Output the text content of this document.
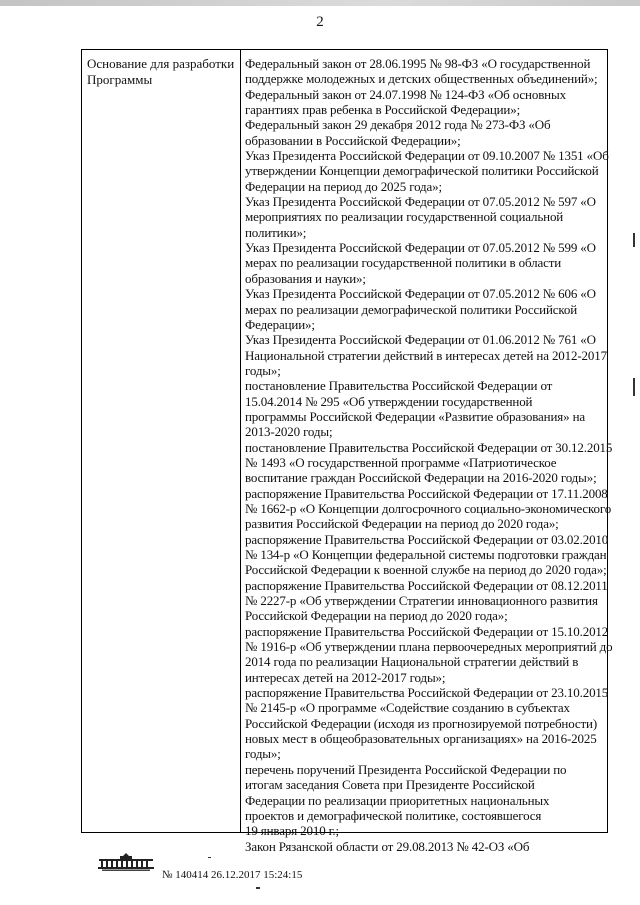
2
Основание для разработки
Программы
Федеральный закон от 28.06.1995 № 98-ФЗ «О государственной
поддержке молодежных и детских общественных объединений»;
Федеральный закон от 24.07.1998 № 124-ФЗ «Об основных
гарантиях прав ребенка в Российской Федерации»;
Федеральный закон 29 декабря 2012 года № 273-ФЗ «Об
образовании в Российской Федерации»;
Указ Президента Российской Федерации от 09.10.2007 № 1351 «Об
утверждении Концепции демографической политики Российской
Федерации на период до 2025 года»;
Указ Президента Российской Федерации от 07.05.2012 № 597 «О
мероприятиях по реализации государственной социальной
политики»;
Указ Президента Российской Федерации от 07.05.2012 № 599 «О
мерах по реализации государственной политики в области
образования и науки»;
Указ Президента Российской Федерации от 07.05.2012 № 606 «О
мерах по реализации демографической политики Российской
Федерации»;
Указ Президента Российской Федерации от 01.06.2012 № 761 «О
Национальной стратегии действий в интересах детей на 2012-2017
годы»;
постановление Правительства Российской Федерации от
15.04.2014 № 295 «Об утверждении государственной
программы Российской Федерации «Развитие образования» на
2013-2020 годы;
постановление Правительства Российской Федерации от 30.12.2015
№ 1493 «О государственной программе «Патриотическое
воспитание граждан Российской Федерации на 2016-2020 годы»;
распоряжение Правительства Российской Федерации от 17.11.2008
№ 1662-р «О Концепции долгосрочного социально-экономического
развития Российской Федерации на период до 2020 года»;
распоряжение Правительства Российской Федерации от 03.02.2010
№ 134-р «О Концепции федеральной системы подготовки граждан
Российской Федерации к военной службе на период до 2020 года»;
распоряжение Правительства Российской Федерации от 08.12.2011
№ 2227-р «Об утверждении Стратегии инновационного развития
Российской Федерации на период до 2020 года»;
распоряжение Правительства Российской Федерации от 15.10.2012
№ 1916-р «Об утверждении плана первоочередных мероприятий до
2014 года по реализации Национальной стратегии действий в
интересах детей на 2012-2017 годы»;
распоряжение Правительства Российской Федерации от 23.10.2015
№ 2145-р «О программе «Содействие созданию в субъектах
Российской Федерации (исходя из прогнозируемой потребности)
новых мест в общеобразовательных организациях» на 2016-2025
годы»;
перечень поручений Президента Российской Федерации по
итогам заседания Совета при Президенте Российской
Федерации по реализации приоритетных национальных
проектов и демографической политике, состоявшегося
19 января 2010 г.;
Закон Рязанской области от 29.08.2013 № 42-ОЗ «Об
№ 140414 26.12.2017 15:24:15
